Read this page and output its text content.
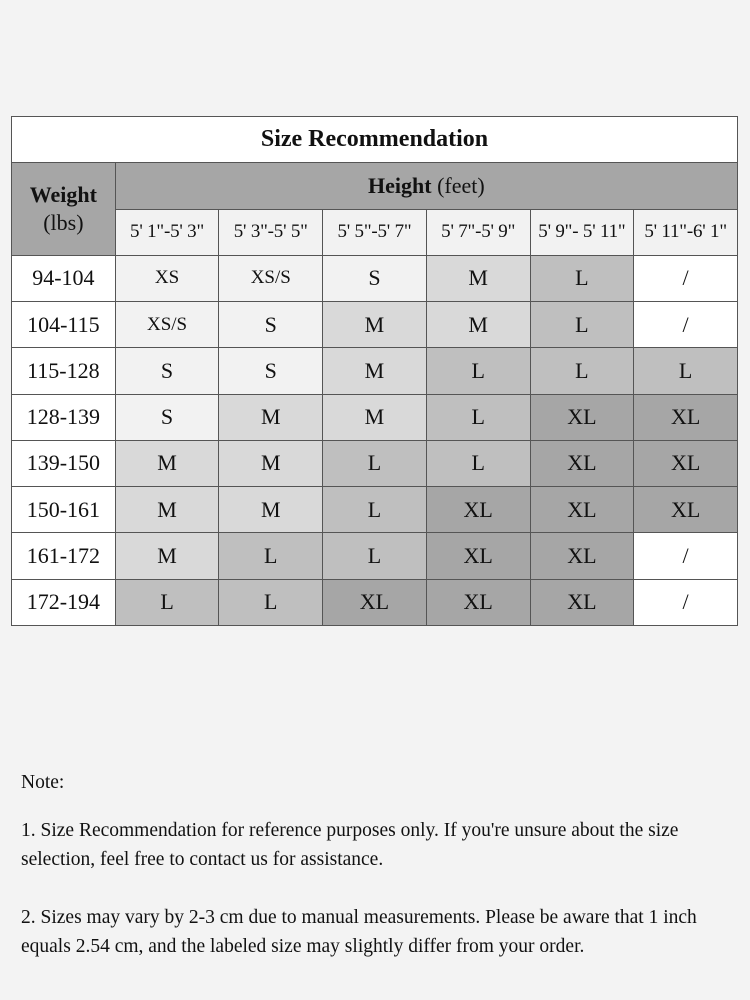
Size Recommendation						
Weight
(lbs)	Height (feet)					
	5' 1"-5' 3"	5' 3"-5' 5"	5' 5"-5' 7"	5' 7"-5' 9"	5' 9"- 5' 11"	5' 11"-6' 1"
94-104	XS	XS/S	S	M	L	/
104-115	XS/S	S	M	M	L	/
115-128	S	S	M	L	L	L
128-139	S	M	M	L	XL	XL
139-150	M	M	L	L	XL	XL
150-161	M	M	L	XL	XL	XL
161-172	M	L	L	XL	XL	/
172-194	L	L	XL	XL	XL	/

Note:

1. Size Recommendation for reference purposes only. If you're unsure about the size selection, feel free to contact us for assistance.

2. Sizes may vary by 2-3 cm due to manual measurements. Please be aware that 1 inch equals 2.54 cm, and the labeled size may slightly differ from your order.
